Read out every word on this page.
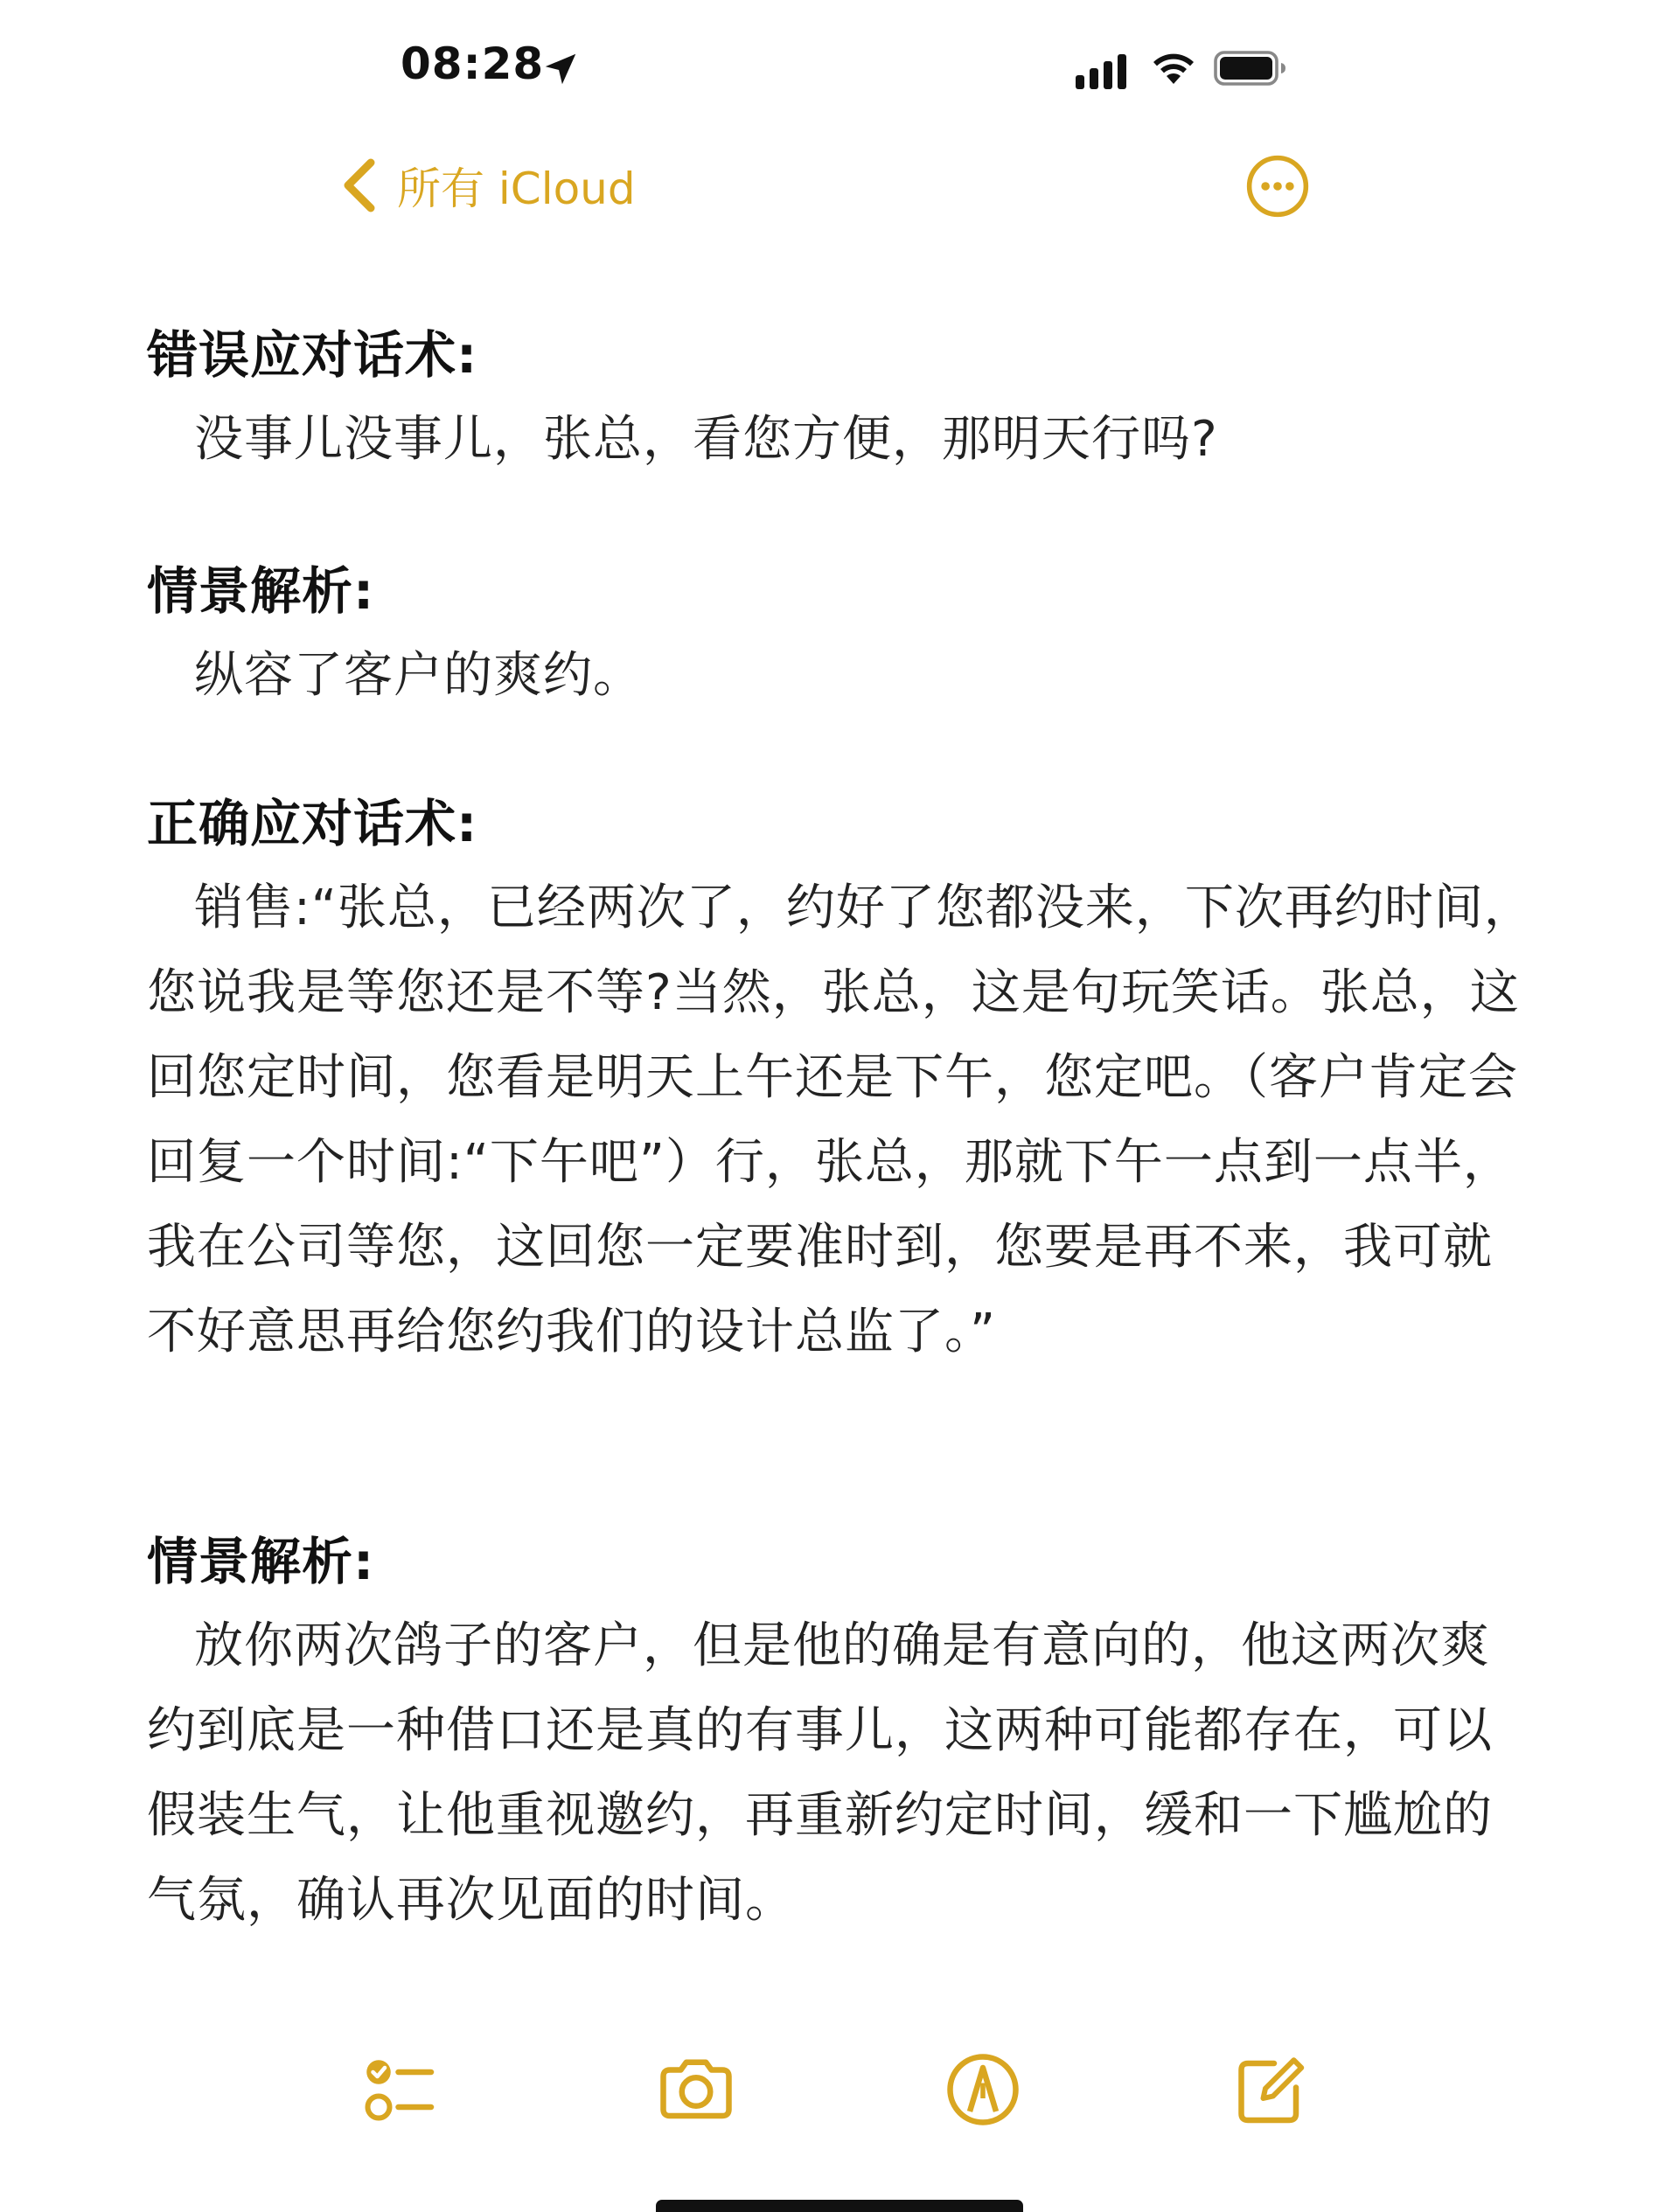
08:28
所有 iCloud

错误应对话术:

没事儿没事儿，张总，看您方便，那明天行吗?

情景解析:

纵容了客户的爽约。

正确应对话术:

销售:“张总，已经两次了，约好了您都没来，下次再约时间，您说我是等您还是不等?当然，张总，这是句玩笑话。张总，这回您定时间，您看是明天上午还是下午，您定吧。（客户肯定会回复一个时间:“下午吧”）行，张总，那就下午一点到一点半，我在公司等您，这回您一定要准时到，您要是再不来，我可就不好意思再给您约我们的设计总监了。”

情景解析:

放你两次鸽子的客户，但是他的确是有意向的，他这两次爽约到底是一种借口还是真的有事儿，这两种可能都存在，可以假装生气，让他重视邀约，再重新约定时间，缓和一下尴尬的气氛，确认再次见面的时间。
